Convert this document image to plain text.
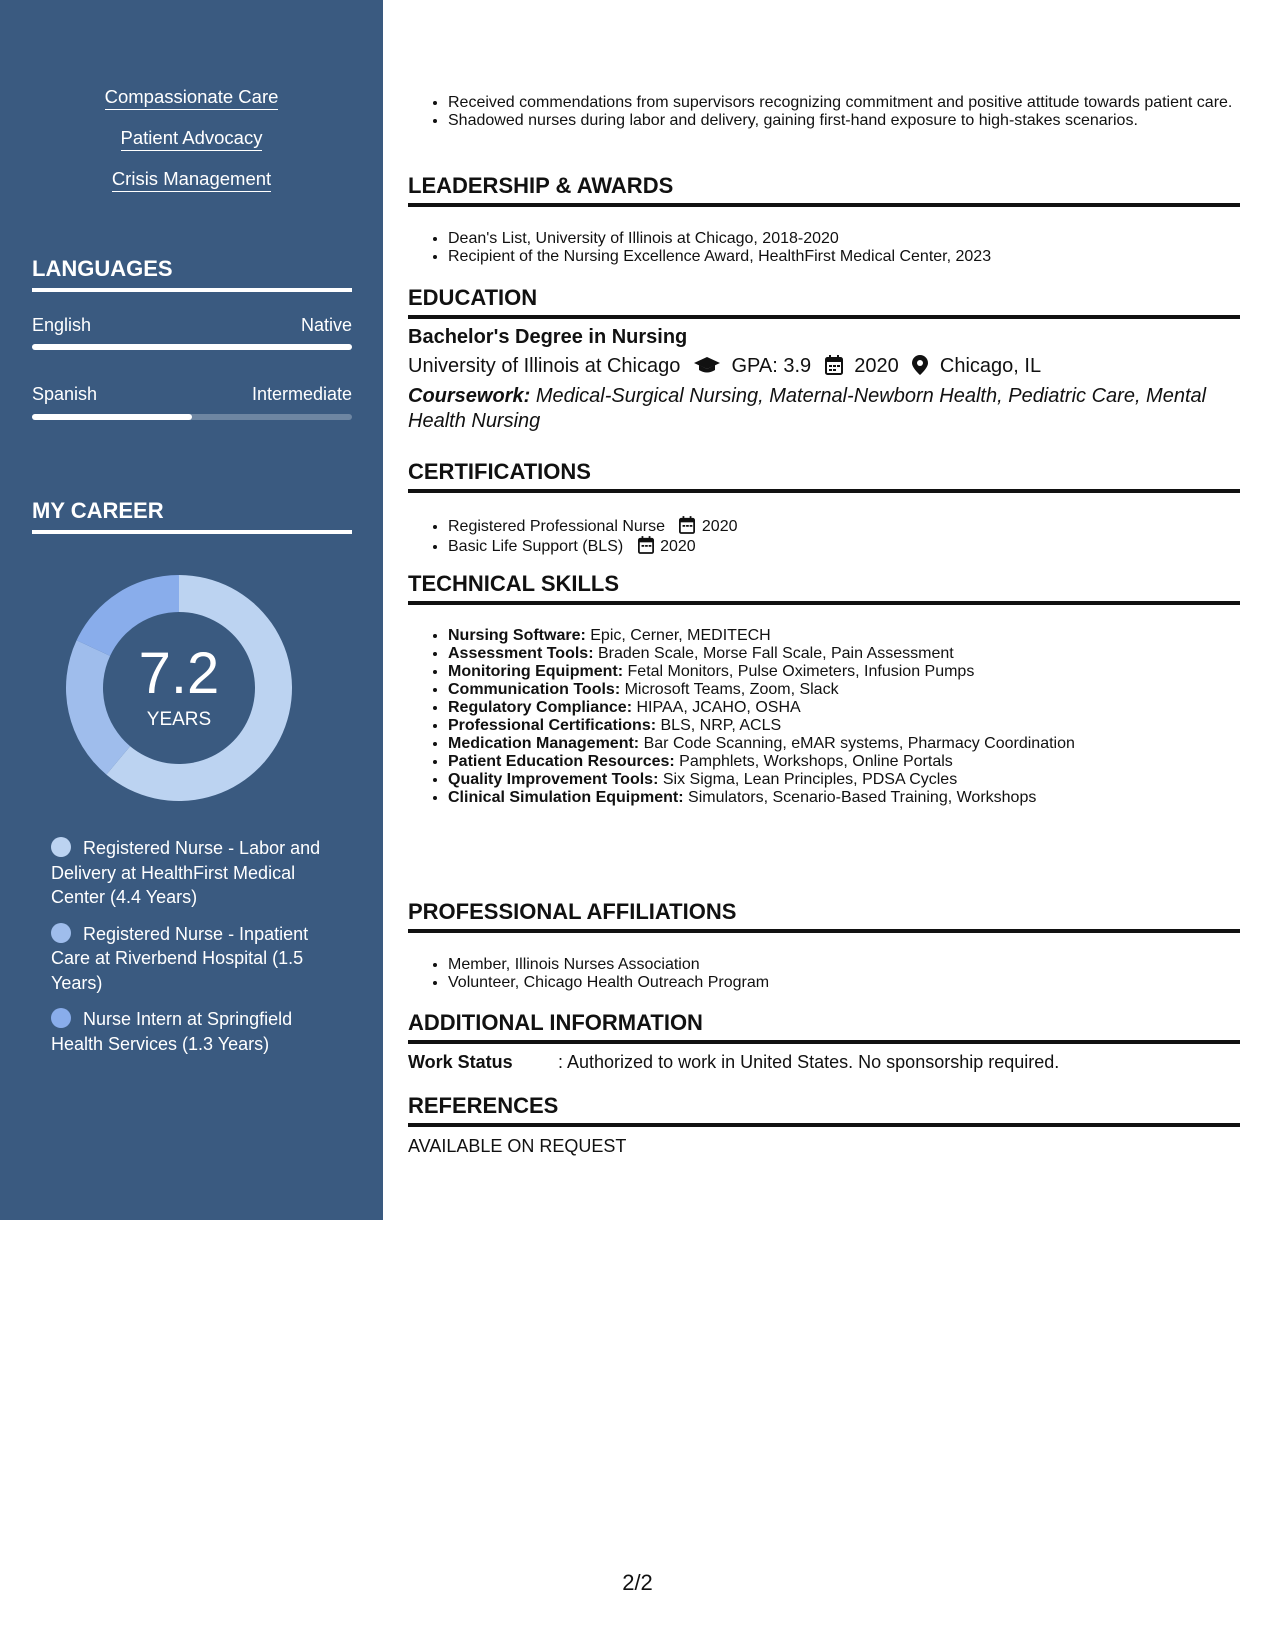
Compassionate Care
Patient Advocacy
Crisis Management
LANGUAGES
English	Native
Spanish	Intermediate
MY CAREER
7.2
YEARS
Registered Nurse - Labor and Delivery at HealthFirst Medical Center (4.4 Years)
Registered Nurse - Inpatient Care at Riverbend Hospital (1.5 Years)
Nurse Intern at Springfield Health Services (1.3 Years)
• Received commendations from supervisors recognizing commitment and positive attitude towards patient care.
• Shadowed nurses during labor and delivery, gaining first-hand exposure to high-stakes scenarios.
LEADERSHIP & AWARDS
• Dean's List, University of Illinois at Chicago, 2018-2020
• Recipient of the Nursing Excellence Award, HealthFirst Medical Center, 2023
EDUCATION
Bachelor's Degree in Nursing
University of Illinois at Chicago	GPA: 3.9 2020 Chicago, IL
Coursework: Medical-Surgical Nursing, Maternal-Newborn Health, Pediatric Care, Mental Health Nursing
CERTIFICATIONS
• Registered Professional Nurse 2020
• Basic Life Support (BLS) 2020
TECHNICAL SKILLS
• Nursing Software: Epic, Cerner, MEDITECH
• Assessment Tools: Braden Scale, Morse Fall Scale, Pain Assessment
• Monitoring Equipment: Fetal Monitors, Pulse Oximeters, Infusion Pumps
• Communication Tools: Microsoft Teams, Zoom, Slack
• Regulatory Compliance: HIPAA, JCAHO, OSHA
• Professional Certifications: BLS, NRP, ACLS
• Medication Management: Bar Code Scanning, eMAR systems, Pharmacy Coordination
• Patient Education Resources: Pamphlets, Workshops, Online Portals
• Quality Improvement Tools: Six Sigma, Lean Principles, PDSA Cycles
• Clinical Simulation Equipment: Simulators, Scenario-Based Training, Workshops
PROFESSIONAL AFFILIATIONS
• Member, Illinois Nurses Association
• Volunteer, Chicago Health Outreach Program
ADDITIONAL INFORMATION
Work Status	: Authorized to work in United States. No sponsorship required.
REFERENCES
AVAILABLE ON REQUEST
2/2
